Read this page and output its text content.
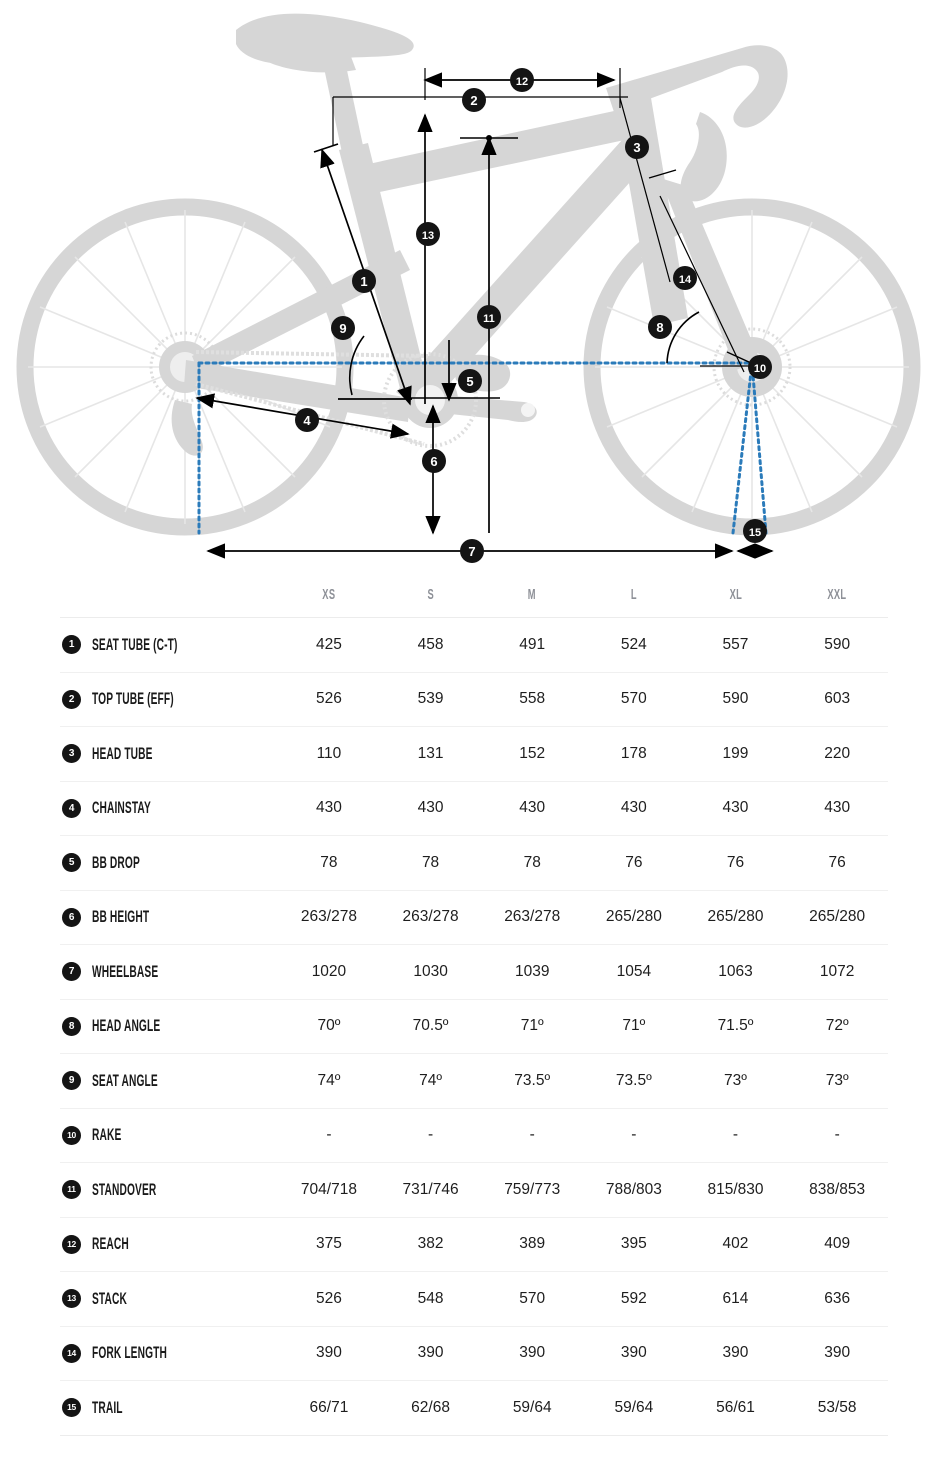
1
2
3
4
5
6
7
8
9
10
11
12
13
14
15
	XS	S	M	L	XL	XXL

1 SEAT TUBE (C-T)	425	458	491	524	557	590

2 TOP TUBE (EFF)	526	539	558	570	590	603

3 HEAD TUBE	110	131	152	178	199	220

4 CHAINSTAY	430	430	430	430	430	430

5 BB DROP	78	78	78	76	76	76

6 BB HEIGHT	263/278	263/278	263/278	265/280	265/280	265/280

7 WHEELBASE	1020	1030	1039	1054	1063	1072

8 HEAD ANGLE	70º	70.5º	71º	71º	71.5º	72º

9 SEAT ANGLE	74º	74º	73.5º	73.5º	73º	73º

10 RAKE	-	-	-	-	-	-

11 STANDOVER	704/718	731/746	759/773	788/803	815/830	838/853

12 REACH	375	382	389	395	402	409

13 STACK	526	548	570	592	614	636

14 FORK LENGTH	390	390	390	390	390	390

15 TRAIL	66/71	62/68	59/64	59/64	56/61	53/58
